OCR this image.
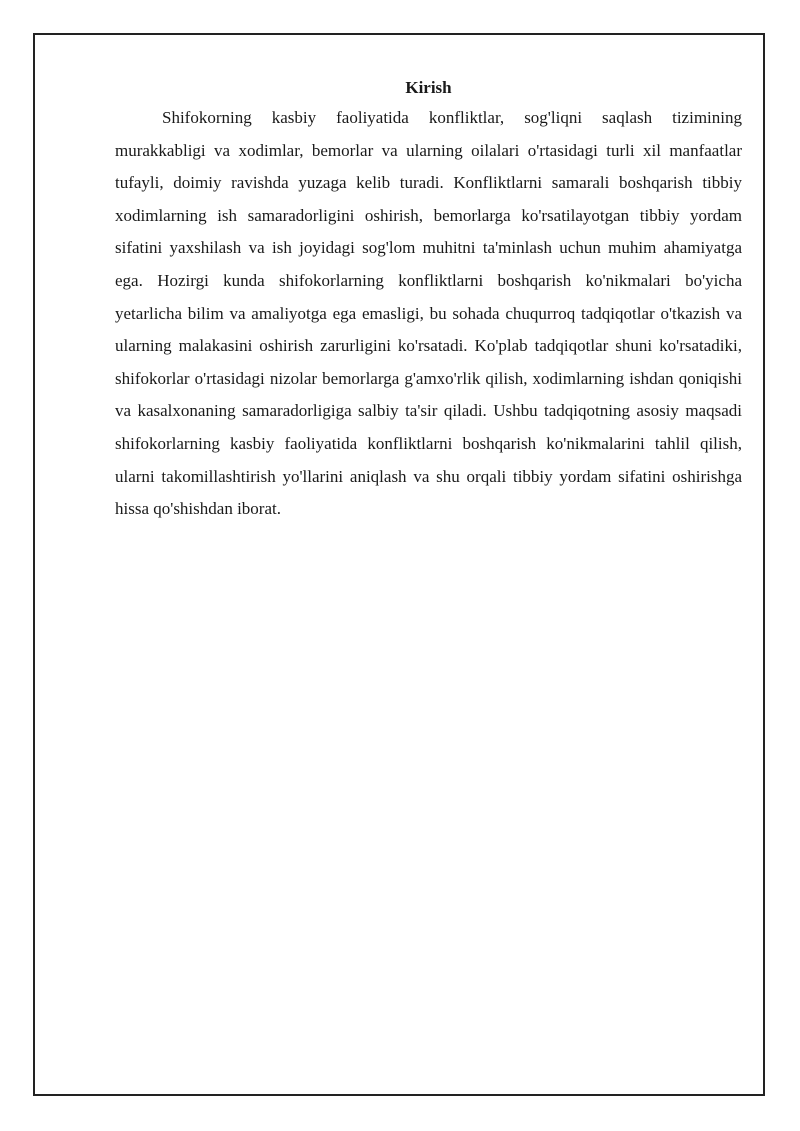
Kirish

Shifokorning kasbiy faoliyatida konfliktlar, sog'liqni saqlash tizimining murakkabligi va xodimlar, bemorlar va ularning oilalari o'rtasidagi turli xil manfaatlar tufayli, doimiy ravishda yuzaga kelib turadi. Konfliktlarni samarali boshqarish tibbiy xodimlarning ish samaradorligini oshirish, bemorlarga ko'rsatilayotgan tibbiy yordam sifatini yaxshilash va ish joyidagi sog'lom muhitni ta'minlash uchun muhim ahamiyatga ega. Hozirgi kunda shifokorlarning konfliktlarni boshqarish ko'nikmalari bo'yicha yetarlicha bilim va amaliyotga ega emasligi, bu sohada chuqurroq tadqiqotlar o'tkazish va ularning malakasini oshirish zarurligini ko'rsatadi. Ko'plab tadqiqotlar shuni ko'rsatadiki, shifokorlar o'rtasidagi nizolar bemorlarga g'amxo'rlik qilish, xodimlarning ishdan qoniqishi va kasalxonaning samaradorligiga salbiy ta'sir qiladi. Ushbu tadqiqotning asosiy maqsadi shifokorlarning kasbiy faoliyatida konfliktlarni boshqarish ko'nikmalarini tahlil qilish, ularni takomillashtirish yo'llarini aniqlash va shu orqali tibbiy yordam sifatini oshirishga hissa qo'shishdan iborat.
